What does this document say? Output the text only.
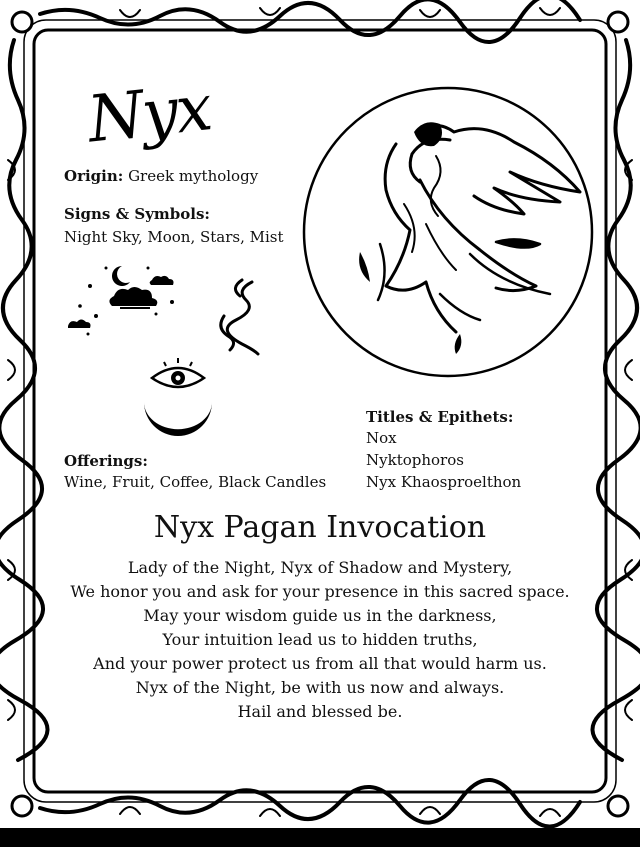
Nyx
Origin: Greek mythology
Signs & Symbols:
Night Sky, Moon, Stars, Mist
Titles & Epithets:
Nox
Nyktophoros
Nyx Khaosproelthon
Offerings:
Wine, Fruit, Coffee, Black Candles
Nyx Pagan Invocation
Lady of the Night, Nyx of Shadow and Mystery,
We honor you and ask for your presence in this sacred space.
May your wisdom guide us in the darkness,
Your intuition lead us to hidden truths,
And your power protect us from all that would harm us.
Nyx of the Night, be with us now and always.
Hail and blessed be.
